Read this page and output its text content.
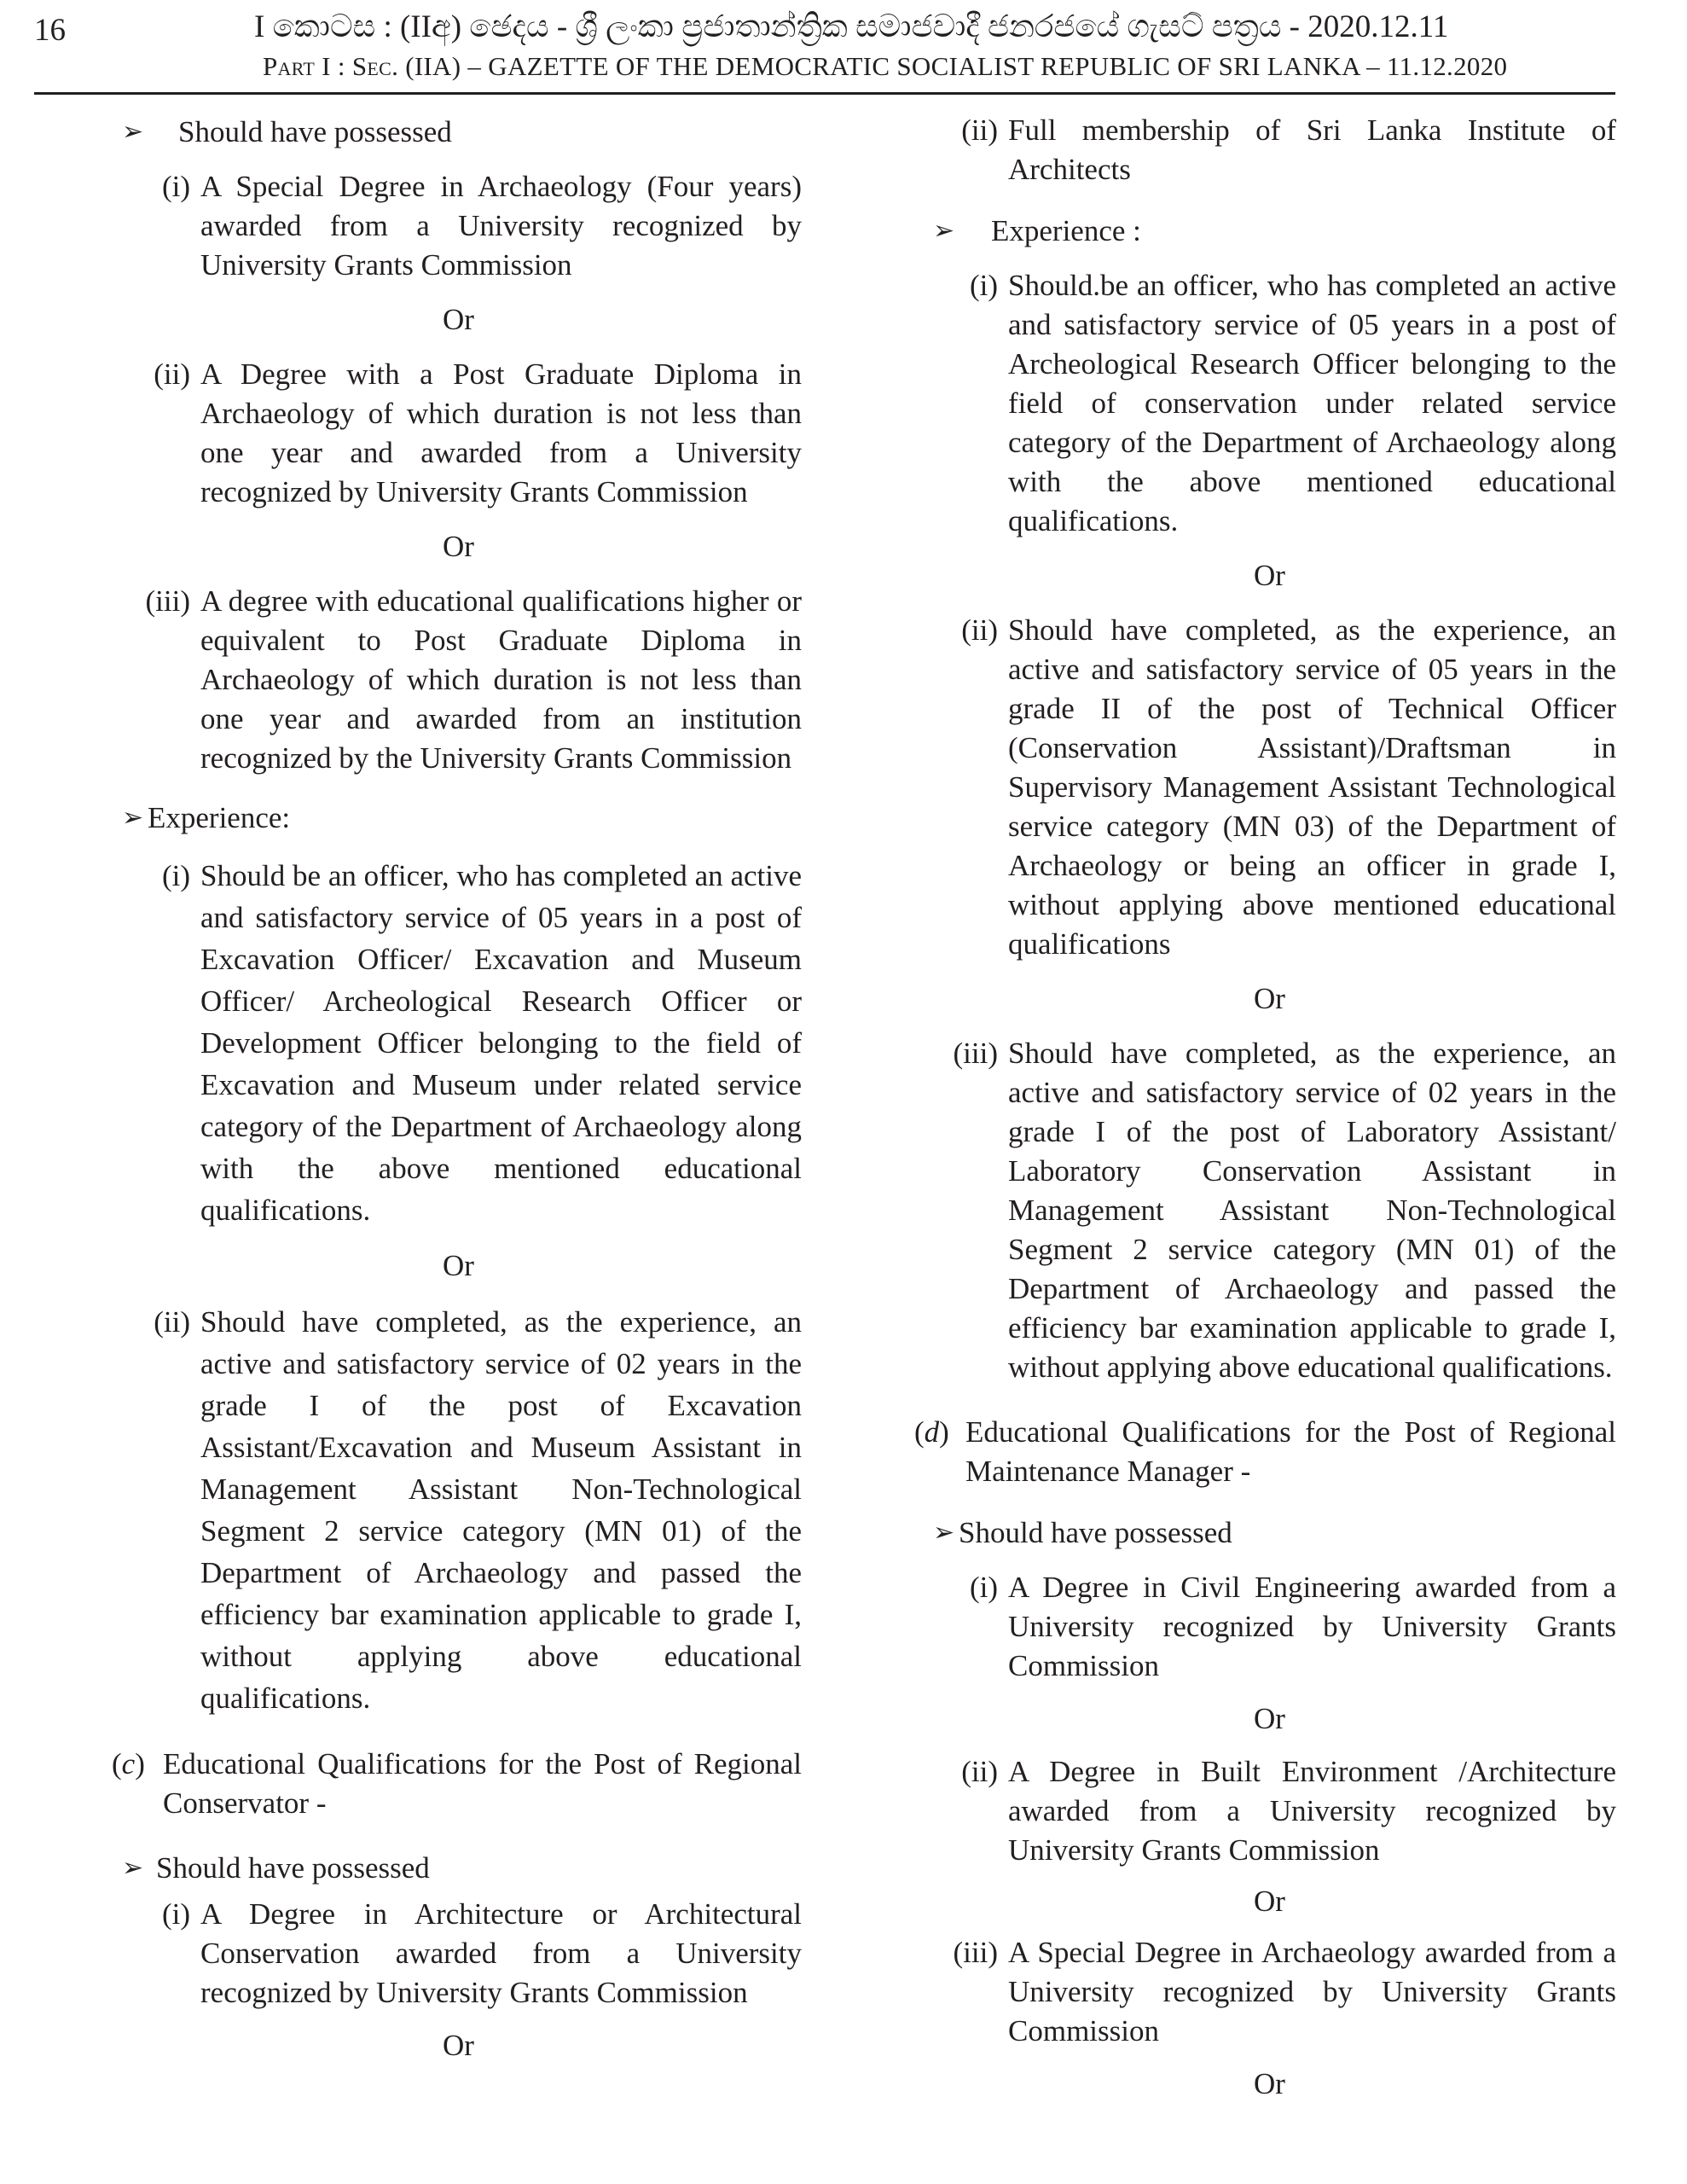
16	I කොටස : (IIඅ) ඡෙදය - ශ්‍රී ලංකා ප්‍රජාතාන්ත්‍රික සමාජවාදී ජනරජයේ ගැසට් පත්‍රය - 2020.12.11
Part I : Sec. (IIA) – GAZETTE OF THE DEMOCRATIC SOCIALIST REPUBLIC OF SRI LANKA – 11.12.2020
➢	Should have possessed
(i) A Special Degree in Archaeology (Four years) awarded from a University recognized by University Grants Commission
Or
(ii) A Degree with a Post Graduate Diploma in Archaeology of which duration is not less than one year and awarded from a University recognized by University Grants Commission
Or
(iii) A degree with educational qualifications higher or equivalent to Post Graduate Diploma in Archaeology of which duration is not less than one year and awarded from an institution recognized by the University Grants Commission
➢ Experience:
(i) Should be an officer, who has completed an active and satisfactory service of 05 years in a post of Excavation Officer/ Excavation and Museum Officer/ Archeological Research Officer or Development Officer belonging to the field of Excavation and Museum under related service category of the Department of Archaeology along with the above mentioned educational qualifications.
Or
(ii) Should have completed, as the experience, an active and satisfactory service of 02 years in the grade I of the post of Excavation Assistant/Excavation and Museum Assistant in Management Assistant Non-Technological Segment 2 service category (MN 01) of the Department of Archaeology and passed the efficiency bar examination applicable to grade I, without applying above educational qualifications.
(c) Educational Qualifications for the Post of Regional Conservator -
➢ Should have possessed
(i) A Degree in Architecture or Architectural Conservation awarded from a University recognized by University Grants Commission
Or
(ii) Full membership of Sri Lanka Institute of Architects
➢	Experience :
(i) Should.be an officer, who has completed an active and satisfactory service of 05 years in a post of Archeological Research Officer belonging to the field of conservation under related service category of the Department of Archaeology along with the above mentioned educational qualifications.
Or
(ii) Should have completed, as the experience, an active and satisfactory service of 05 years in the grade II of the post of Technical Officer (Conservation Assistant)/Draftsman in Supervisory Management Assistant Technological service category (MN 03) of the Department of Archaeology or being an officer in grade I, without applying above mentioned educational qualifications
Or
(iii) Should have completed, as the experience, an active and satisfactory service of 02 years in the grade I of the post of Laboratory Assistant/ Laboratory Conservation Assistant in Management Assistant Non-Technological Segment 2 service category (MN 01) of the Department of Archaeology and passed the efficiency bar examination applicable to grade I, without applying above educational qualifications.
(d) Educational Qualifications for the Post of Regional Maintenance Manager -
➢ Should have possessed
(i) A Degree in Civil Engineering awarded from a University recognized by University Grants Commission
Or
(ii) A Degree in Built Environment /Architecture awarded from a University recognized by University Grants Commission
Or
(iii) A Special Degree in Archaeology awarded from a University recognized by University Grants Commission
Or
